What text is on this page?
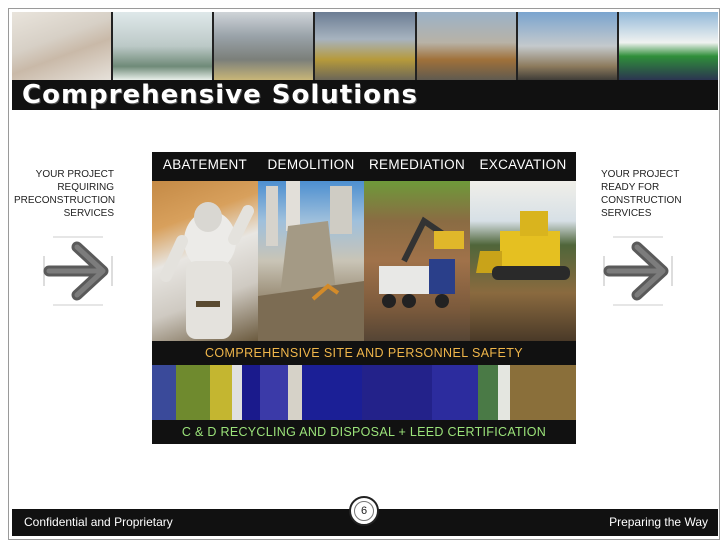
Comprehensive Solutions
YOUR PROJECT
REQUIRING
PRECONSTRUCTION
SERVICES
YOUR PROJECT
READY FOR
CONSTRUCTION
SERVICES
ABATEMENT	DEMOLITION	REMEDIATION	EXCAVATION
COMPREHENSIVE SITE AND PERSONNEL SAFETY
C & D RECYCLING AND DISPOSAL + LEED CERTIFICATION
Confidential and Proprietary	Preparing the Way
6
